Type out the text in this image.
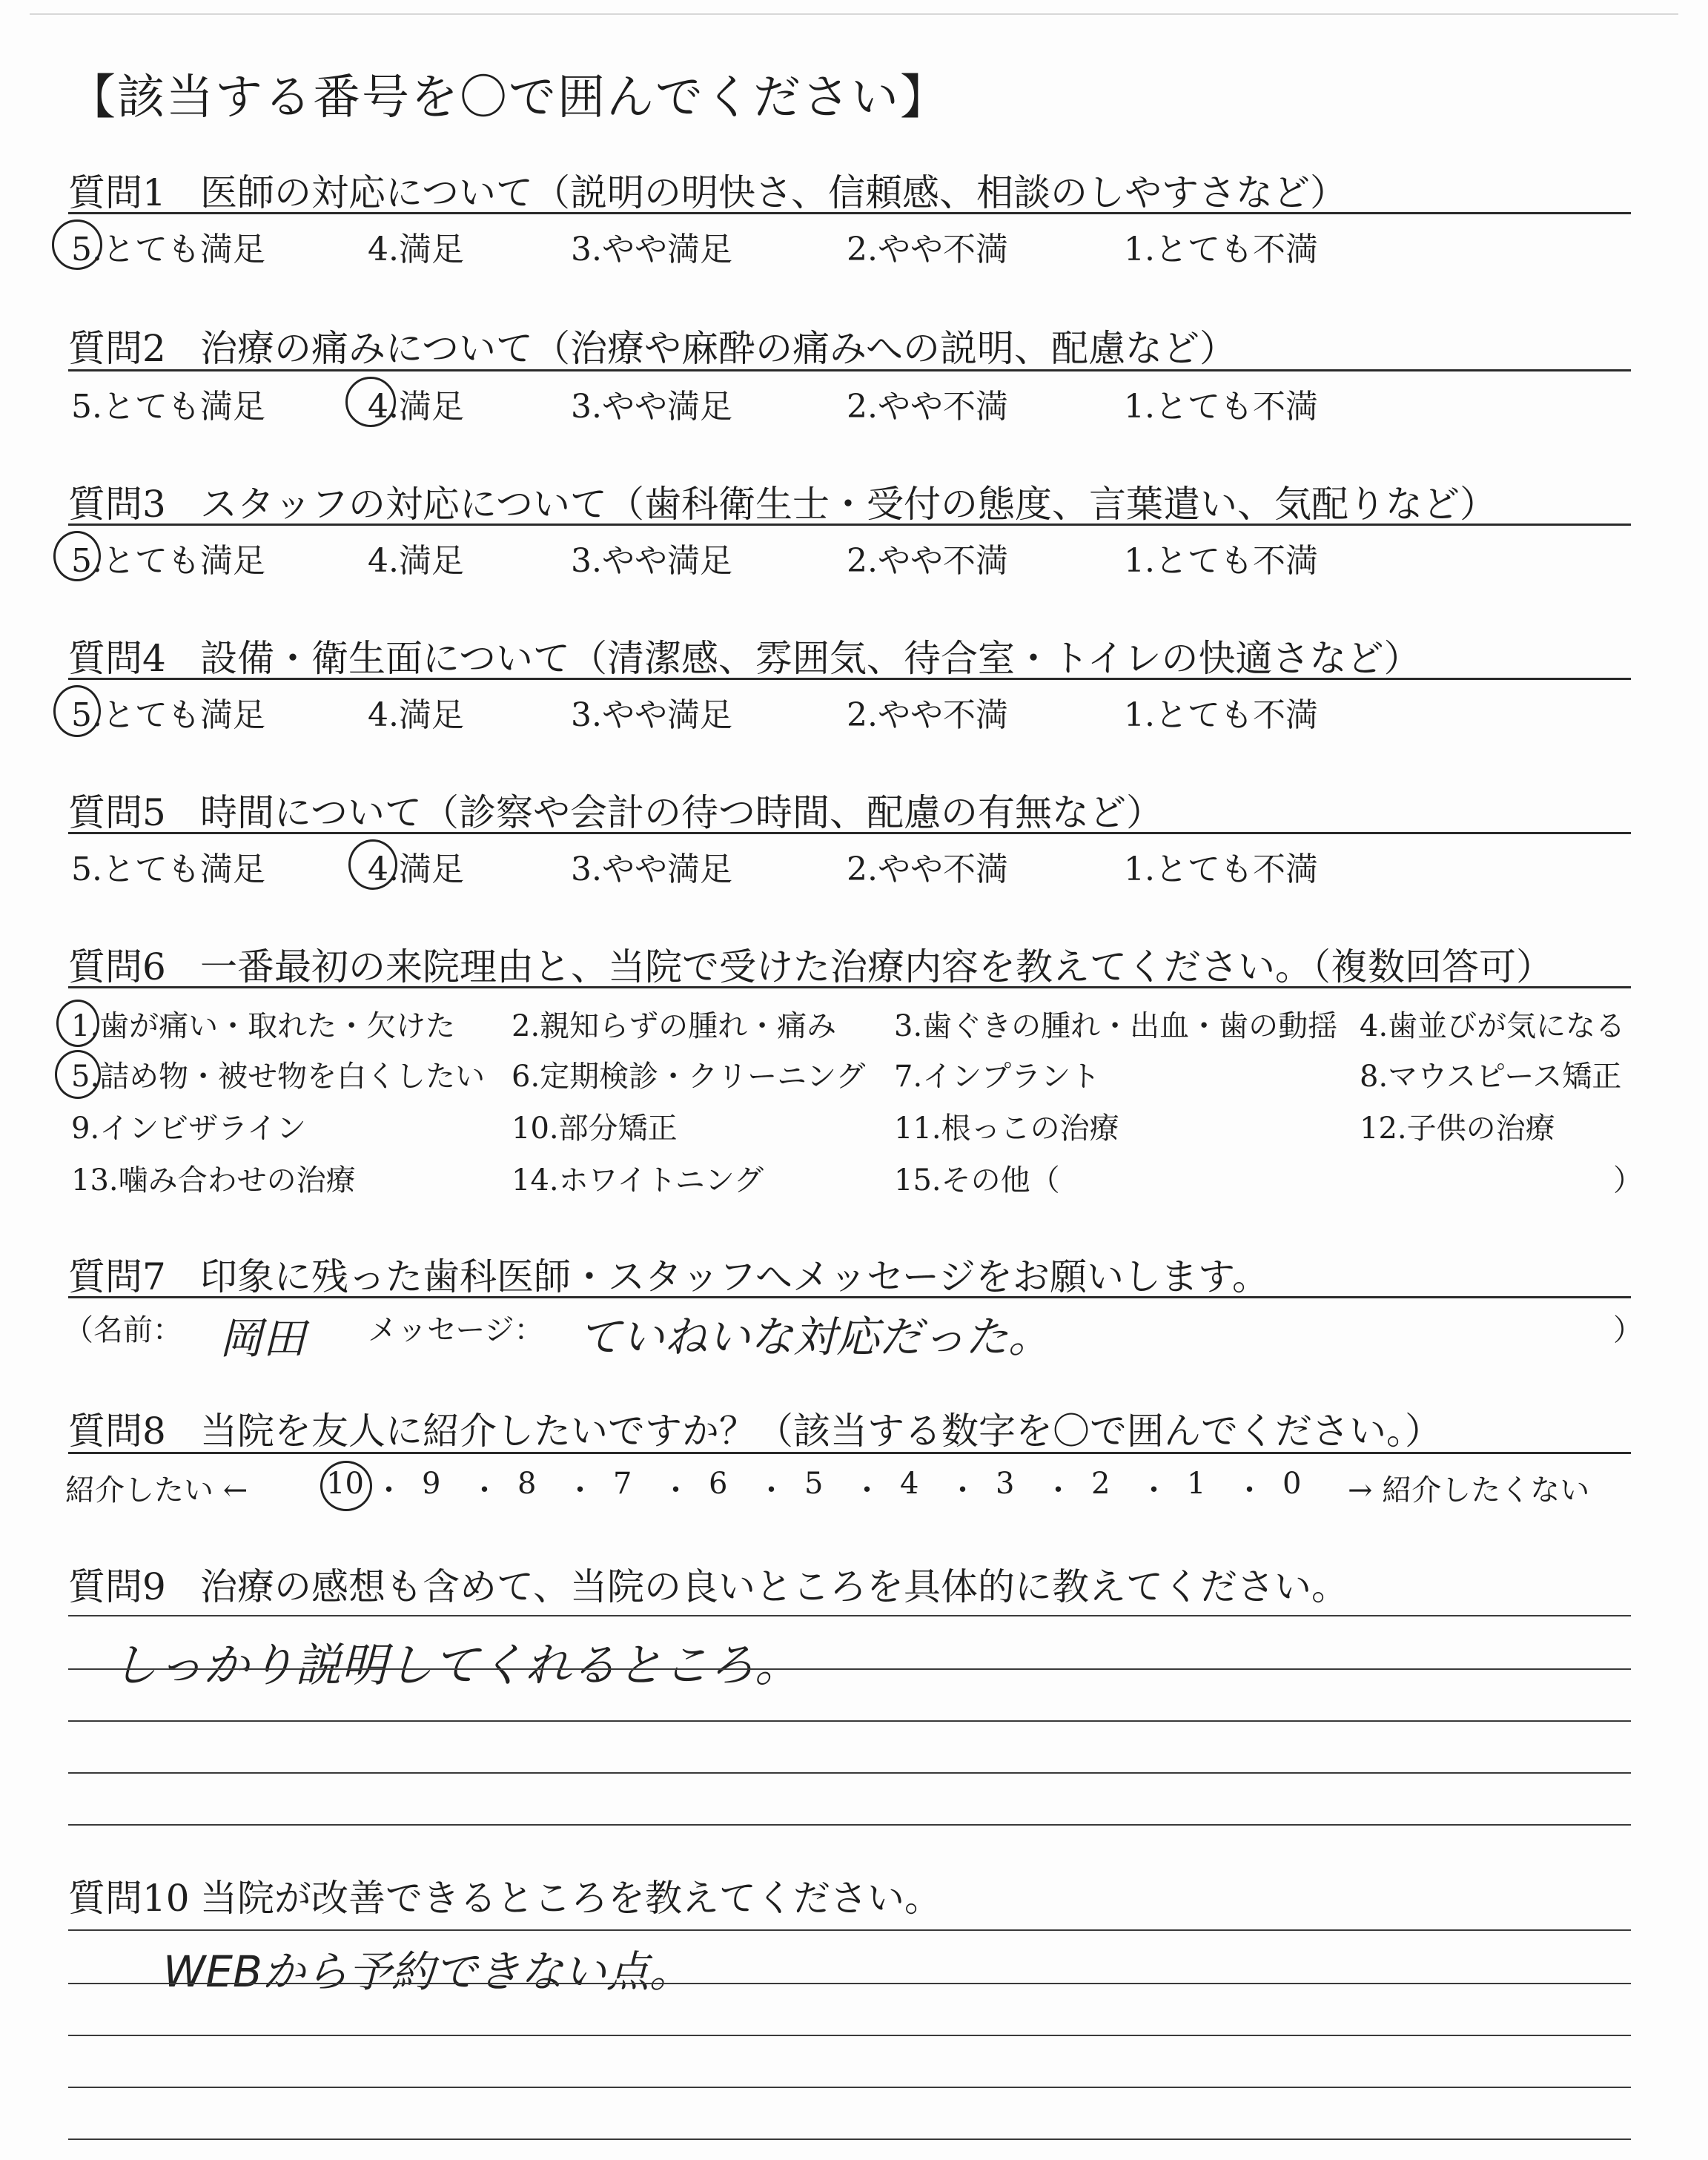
【該当する番号を〇で囲んでください】
質問1 医師の対応について（説明の明快さ、信頼感、相談のしやすさなど）
5.とても満足	4.満足	3.やや満足	2.やや不満	1.とても不満
質問2 治療の痛みについて（治療や麻酔の痛みへの説明、配慮など）
5.とても満足	4.満足	3.やや満足	2.やや不満	1.とても不満
質問3 スタッフの対応について（歯科衛生士・受付の態度、言葉遣い、気配りなど）
5.とても満足	4.満足	3.やや満足	2.やや不満	1.とても不満
質問4 設備・衛生面について（清潔感、雰囲気、待合室・トイレの快適さなど）
5.とても満足	4.満足	3.やや満足	2.やや不満	1.とても不満
質問5 時間について（診察や会計の待つ時間、配慮の有無など）
5.とても満足	4.満足	3.やや満足	2.やや不満	1.とても不満
質問6 一番最初の来院理由と、当院で受けた治療内容を教えてください。（複数回答可）
1.歯が痛い・取れた・欠けた 2.親知らずの腫れ・痛み 3.歯ぐきの腫れ・出血・歯の動揺 4.歯並びが気になる
5.詰め物・被せ物を白くしたい 6.定期検診・クリーニング 7.インプラント	8.マウスピース矯正
9.インビザライン	10.部分矯正	11.根っこの治療	12.子供の治療
13.噛み合わせの治療	14.ホワイトニング	15.その他（	）
質問7 印象に残った歯科医師・スタッフへメッセージをお願いします。
（名前： 岡田 メッセージ： ていねいな対応だった。	）
質問8 当院を友人に紹介したいですか？（該当する数字を〇で囲んでください。）
紹介したい ←	10 ・ 9 ・ 8 ・ 7 ・ 6 ・ 5 ・ 4 ・ 3 ・ 2 ・ 1 ・ 0 → 紹介したくない
質問9 治療の感想も含めて、当院の良いところを具体的に教えてください。
しっかり説明してくれるところ。
質問10 当院が改善できるところを教えてください。
WEBから予約できない点。
